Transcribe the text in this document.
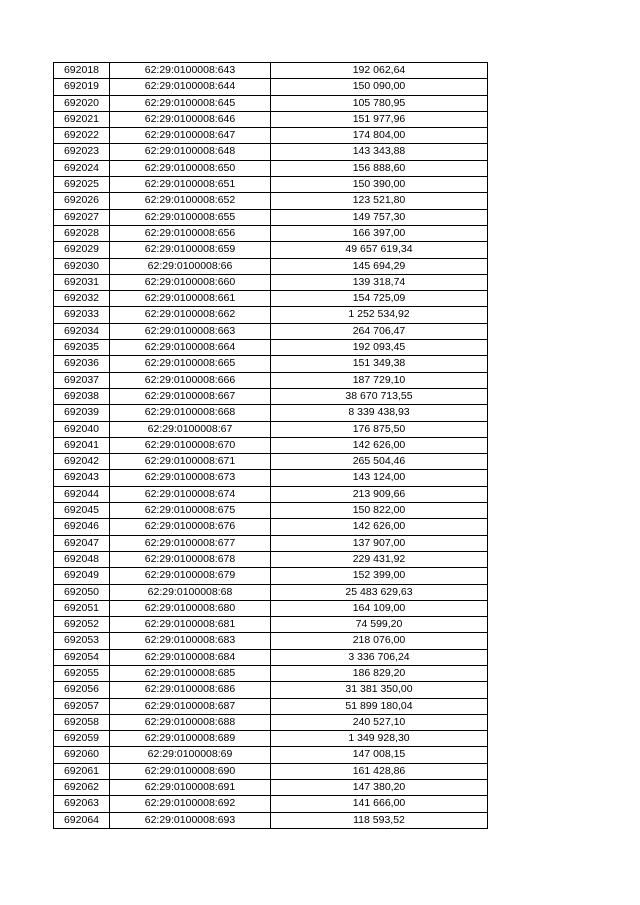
692018	62:29:0100008:643	192 062,64
692019	62:29:0100008:644	150 090,00
692020	62:29:0100008:645	105 780,95
692021	62:29:0100008:646	151 977,96
692022	62:29:0100008:647	174 804,00
692023	62:29:0100008:648	143 343,88
692024	62:29:0100008:650	156 888,60
692025	62:29:0100008:651	150 390,00
692026	62:29:0100008:652	123 521,80
692027	62:29:0100008:655	149 757,30
692028	62:29:0100008:656	166 397,00
692029	62:29:0100008:659	49 657 619,34
692030	62:29:0100008:66	145 694,29
692031	62:29:0100008:660	139 318,74
692032	62:29:0100008:661	154 725,09
692033	62:29:0100008:662	1 252 534,92
692034	62:29:0100008:663	264 706,47
692035	62:29:0100008:664	192 093,45
692036	62:29:0100008:665	151 349,38
692037	62:29:0100008:666	187 729,10
692038	62:29:0100008:667	38 670 713,55
692039	62:29:0100008:668	8 339 438,93
692040	62:29:0100008:67	176 875,50
692041	62:29:0100008:670	142 626,00
692042	62:29:0100008:671	265 504,46
692043	62:29:0100008:673	143 124,00
692044	62:29:0100008:674	213 909,66
692045	62:29:0100008:675	150 822,00
692046	62:29:0100008:676	142 626,00
692047	62:29:0100008:677	137 907,00
692048	62:29:0100008:678	229 431,92
692049	62:29:0100008:679	152 399,00
692050	62:29:0100008:68	25 483 629,63
692051	62:29:0100008:680	164 109,00
692052	62:29:0100008:681	74 599,20
692053	62:29:0100008:683	218 076,00
692054	62:29:0100008:684	3 336 706,24
692055	62:29:0100008:685	186 829,20
692056	62:29:0100008:686	31 381 350,00
692057	62:29:0100008:687	51 899 180,04
692058	62:29:0100008:688	240 527,10
692059	62:29:0100008:689	1 349 928,30
692060	62:29:0100008:69	147 008,15
692061	62:29:0100008:690	161 428,86
692062	62:29:0100008:691	147 380,20
692063	62:29:0100008:692	141 666,00
692064	62:29:0100008:693	118 593,52
